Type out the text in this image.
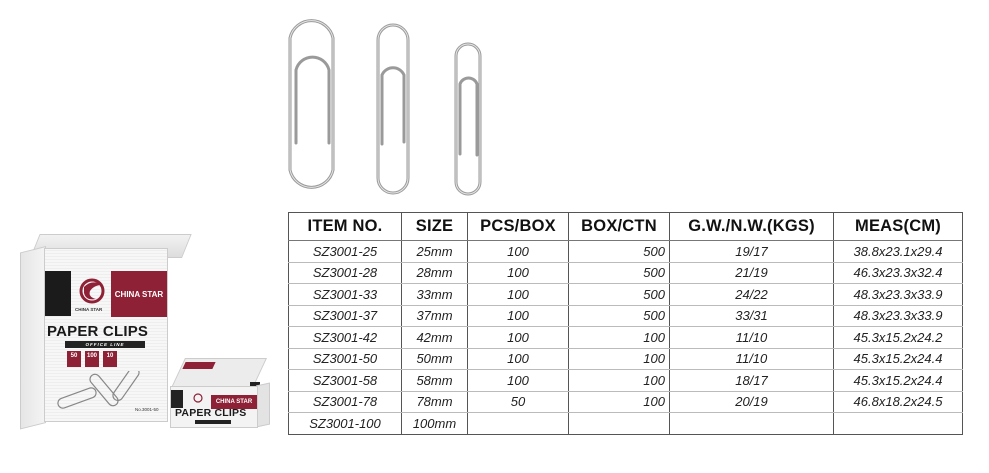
CHINA STAR
CHINA STAR
PAPER CLIPS
OFFICE LINE
50	100	10
No.3001-50
CHINA STAR
PAPER CLIPS
ITEM NO.	SIZE	PCS/BOX	BOX/CTN	G.W./N.W.(KGS)	MEAS(CM)
SZ3001-25	25mm	100	500	19/17	38.8x23.1x29.4
SZ3001-28	28mm	100	500	21/19	46.3x23.3x32.4
SZ3001-33	33mm	100	500	24/22	48.3x23.3x33.9
SZ3001-37	37mm	100	500	33/31	48.3x23.3x33.9
SZ3001-42	42mm	100	100	11/10	45.3x15.2x24.2
SZ3001-50	50mm	100	100	11/10	45.3x15.2x24.4
SZ3001-58	58mm	100	100	18/17	45.3x15.2x24.4
SZ3001-78	78mm	50	100	20/19	46.8x18.2x24.5
SZ3001-100	100mm				
